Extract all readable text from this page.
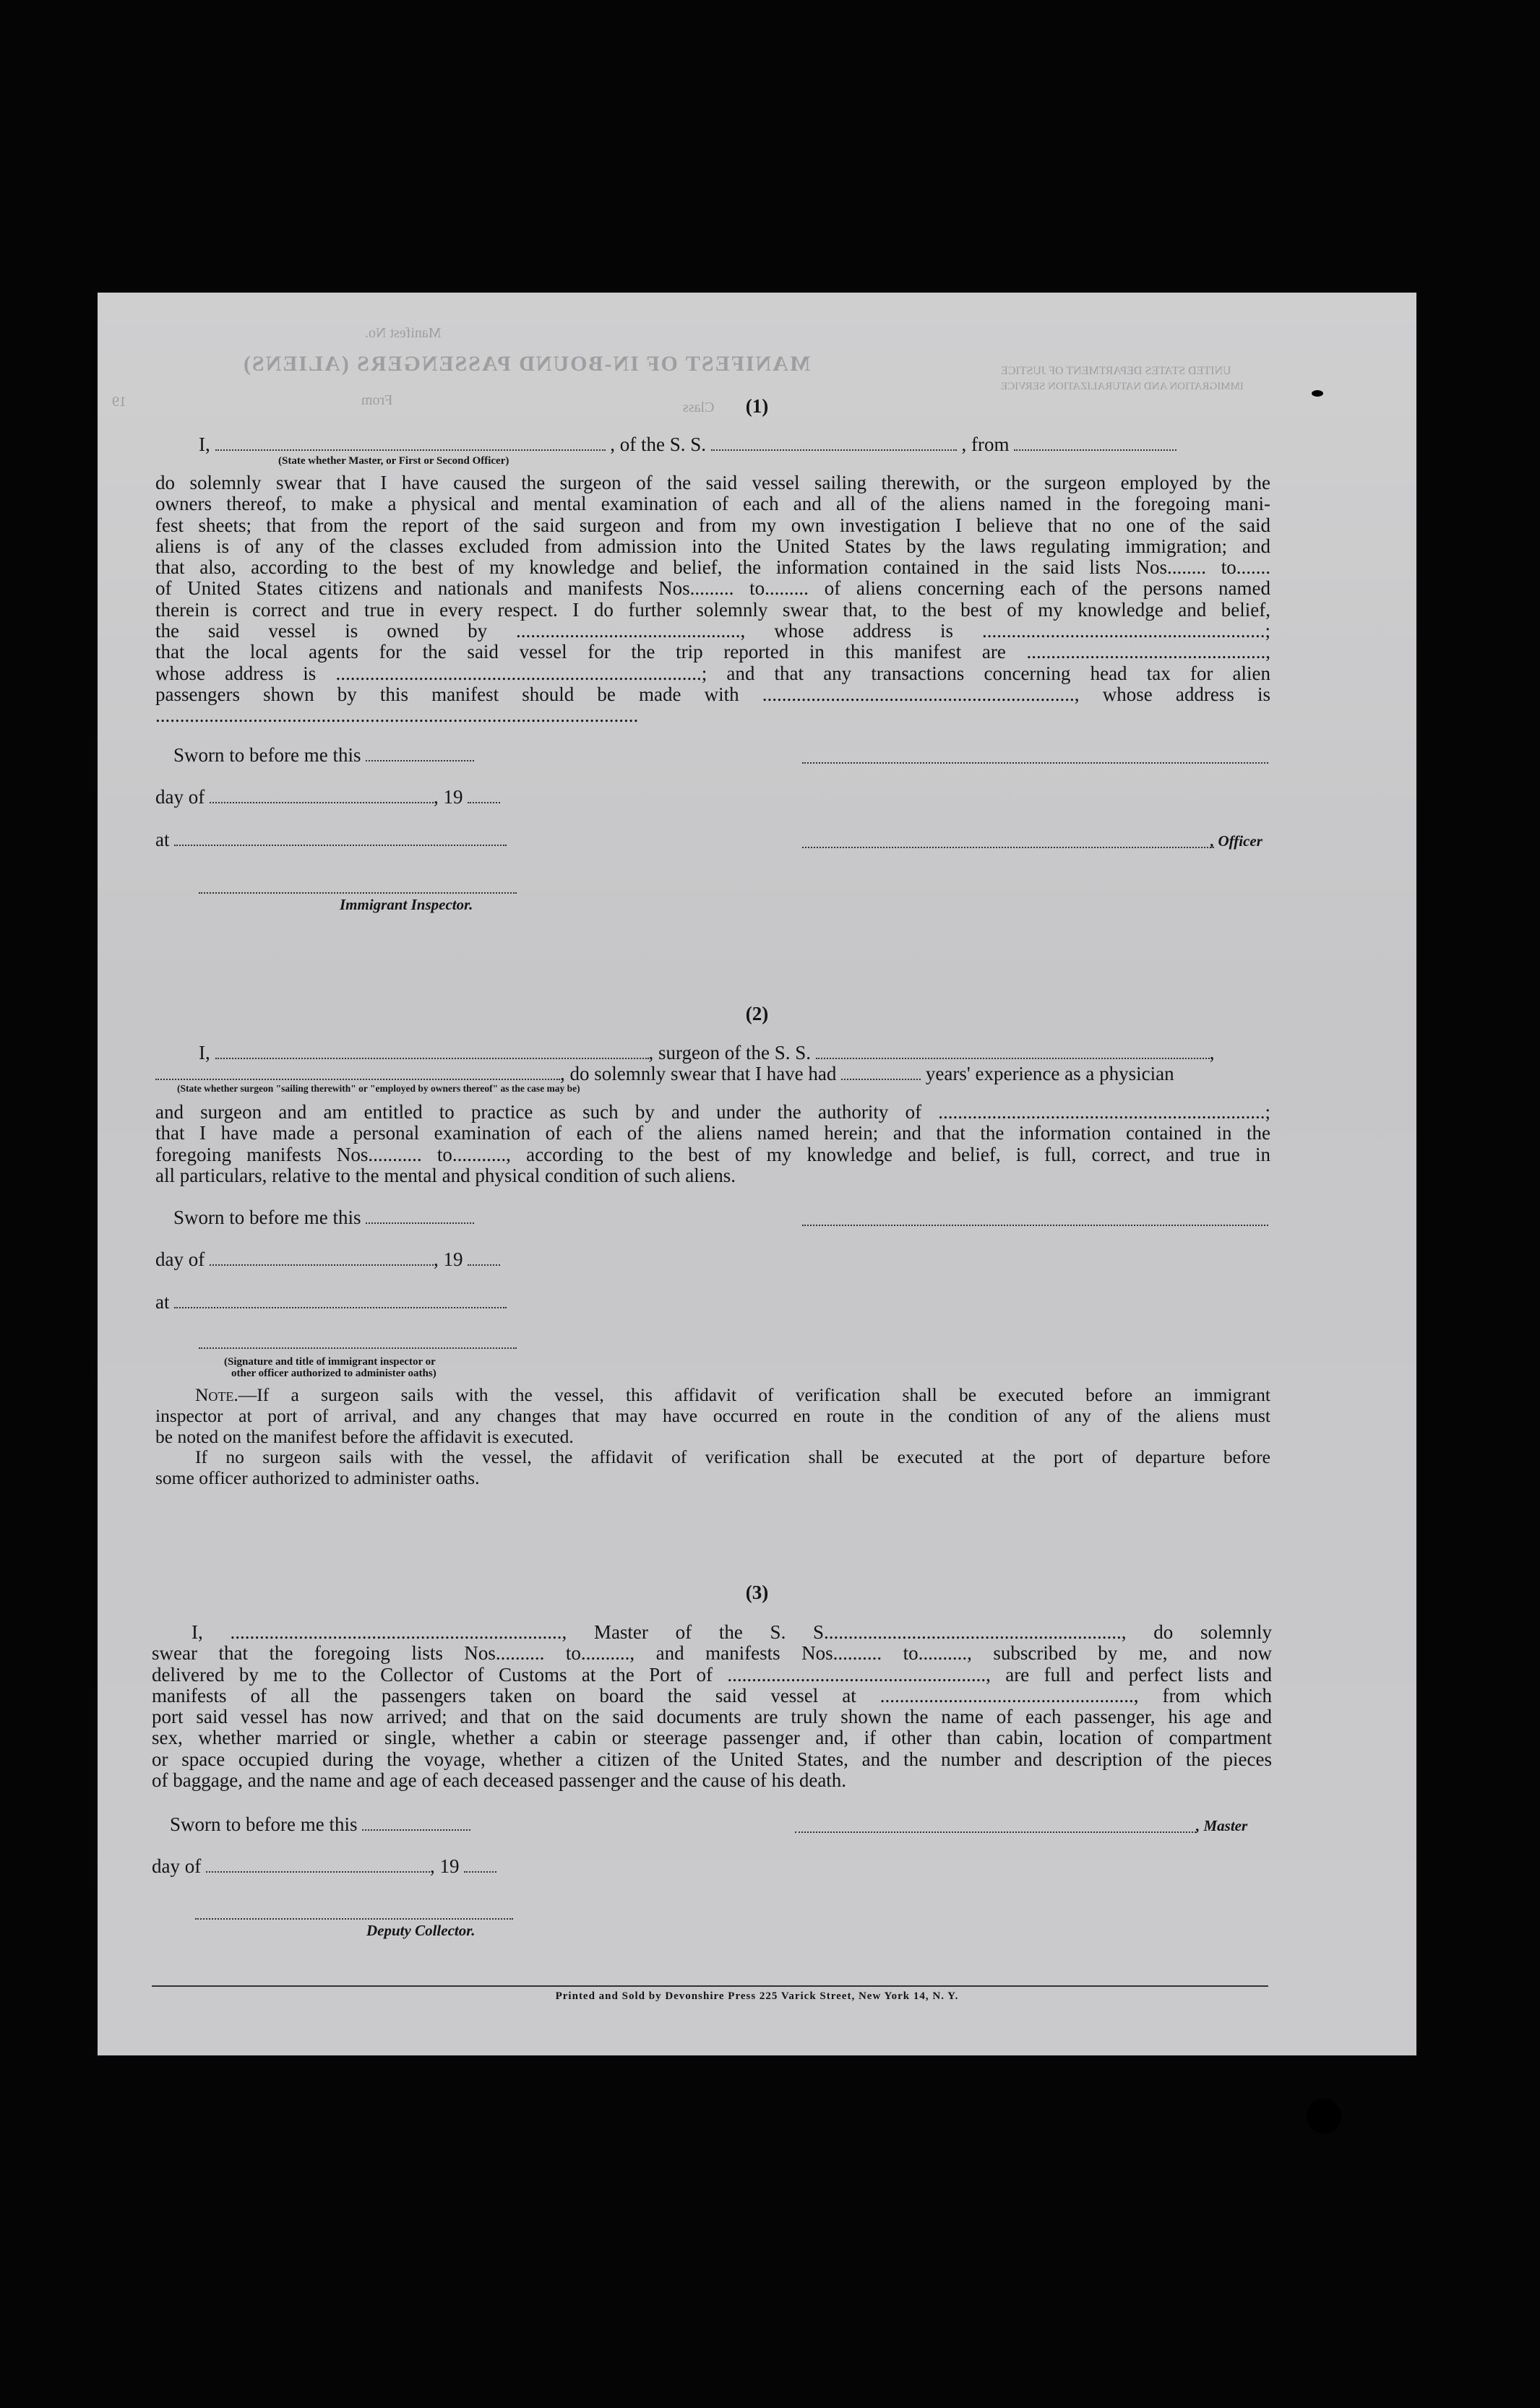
MANIFEST OF IN-BOUND PASSENGERS (ALIENS)
Manifest No.
Class
From
19
UNITED STATES DEPARTMENT OF JUSTICE
IMMIGRATION AND NATURALIZATION SERVICE
(1)
I,	, of the S. S.	, from
(State whether Master, or First or Second Officer)
do solemnly swear that I have caused the surgeon of the said vessel sailing therewith, or the surgeon employed by the
owners thereof, to make a physical and mental examination of each and all of the aliens named in the foregoing mani-
fest sheets; that from the report of the said surgeon and from my own investigation I believe that no one of the said
aliens is of any of the classes excluded from admission into the United States by the laws regulating immigration; and
that also, according to the best of my knowledge and belief, the information contained in the said lists Nos........ to.......
of United States citizens and nationals and manifests Nos......... to......... of aliens concerning each of the persons named
therein is correct and true in every respect. I do further solemnly swear that, to the best of my knowledge and belief,
the said vessel is owned by .............................................., whose address is ..........................................................;
that the local agents for the said vessel for the trip reported in this manifest are .................................................,
whose address is ...........................................................................; and that any transactions concerning head tax for alien
passengers shown by this manifest should be made with ................................................................, whose address is
...................................................................................................
Sworn to before me this
day of	, 19
at	, Officer
Immigrant Inspector.
(2)
I,	, surgeon of the S. S.	,
, do solemnly swear that I have had	years' experience as a physician
(State whether surgeon "sailing therewith" or "employed by owners thereof" as the case may be)
and surgeon and am entitled to practice as such by and under the authority of ...................................................................;
that I have made a personal examination of each of the aliens named herein; and that the information contained in the
foregoing manifests Nos........... to..........., according to the best of my knowledge and belief, is full, correct, and true in
all particulars, relative to the mental and physical condition of such aliens.
Sworn to before me this
day of	, 19
at
(Signature and title of immigrant inspector or
other officer authorized to administer oaths)
Note.—If a surgeon sails with the vessel, this affidavit of verification shall be executed before an immigrant
inspector at port of arrival, and any changes that may have occurred en route in the condition of any of the aliens must
be noted on the manifest before the affidavit is executed.
If no surgeon sails with the vessel, the affidavit of verification shall be executed at the port of departure before
some officer authorized to administer oaths.
(3)
I, ...................................................................., Master of the S. S............................................................., do solemnly
swear that the foregoing lists Nos.......... to.........., and manifests Nos.......... to.........., subscribed by me, and now
delivered by me to the Collector of Customs at the Port of ....................................................., are full and perfect lists and
manifests of all the passengers taken on board the said vessel at ...................................................., from which
port said vessel has now arrived; and that on the said documents are truly shown the name of each passenger, his age and
sex, whether married or single, whether a cabin or steerage passenger and, if other than cabin, location of compartment
or space occupied during the voyage, whether a citizen of the United States, and the number and description of the pieces
of baggage, and the name and age of each deceased passenger and the cause of his death.
Sworn to before me this	, Master
day of	, 19
Deputy Collector.
Printed and Sold by Devonshire Press 225 Varick Street, New York 14, N. Y.
